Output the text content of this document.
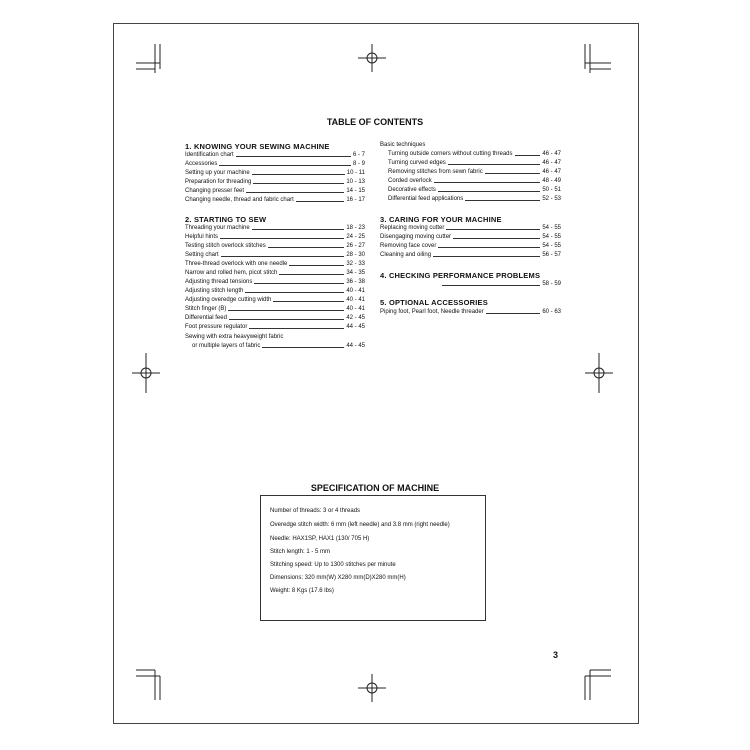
TABLE OF CONTENTS
1. KNOWING YOUR SEWING MACHINE
Identification chart	6 - 7
Accessories	8 - 9
Setting up your machine	10 - 11
Preparation for threading	10 - 13
Changing presser feet	14 - 15
Changing needle, thread and fabric chart	16 - 17
2. STARTING TO SEW
Threading your machine	18 - 23
Helpful hints	24 - 25
Testing stitch overlock stitches	26 - 27
Setting chart	28 - 30
Three-thread overlock with one needle	32 - 33
Narrow and rolled hem, picot stitch	34 - 35
Adjusting thread tensions	36 - 38
Adjusting stitch length	40 - 41
Adjusting overedge cutting width	40 - 41
Stitch finger (B)	40 - 41
Differential feed	42 - 45
Foot pressure regulator	44 - 45
Sewing with extra heavyweight fabric
or multiple layers of fabric	44 - 45
Basic techniques
Turning outside corners without cutting threads	46 - 47
Turning curved edges	46 - 47
Removing stitches from sewn fabric	46 - 47
Corded overlock	48 - 49
Decorative effects	50 - 51
Differential feed applications	52 - 53
3. CARING FOR YOUR MACHINE
Replacing moving cutter	54 - 55
Disengaging moving cutter	54 - 55
Removing face cover	54 - 55
Cleaning and oiling	56 - 57
4. CHECKING PERFORMANCE PROBLEMS
58 - 59
5. OPTIONAL ACCESSORIES
Piping foot, Pearl foot, Needle threader	60 - 63
SPECIFICATION OF MACHINE
Number of threads: 3 or 4 threads
Overedge stitch width: 6 mm (left needle) and 3.8 mm (right needle)
Needle: HAX1SP, HAX1 (130/ 705 H)
Stitch length: 1 - 5 mm
Stitching speed: Up to 1300 stitches per minute
Dimensions: 320 mm(W) X280 mm(D)X280 mm(H)
Weight: 8 Kgs (17.6 lbs)
3
